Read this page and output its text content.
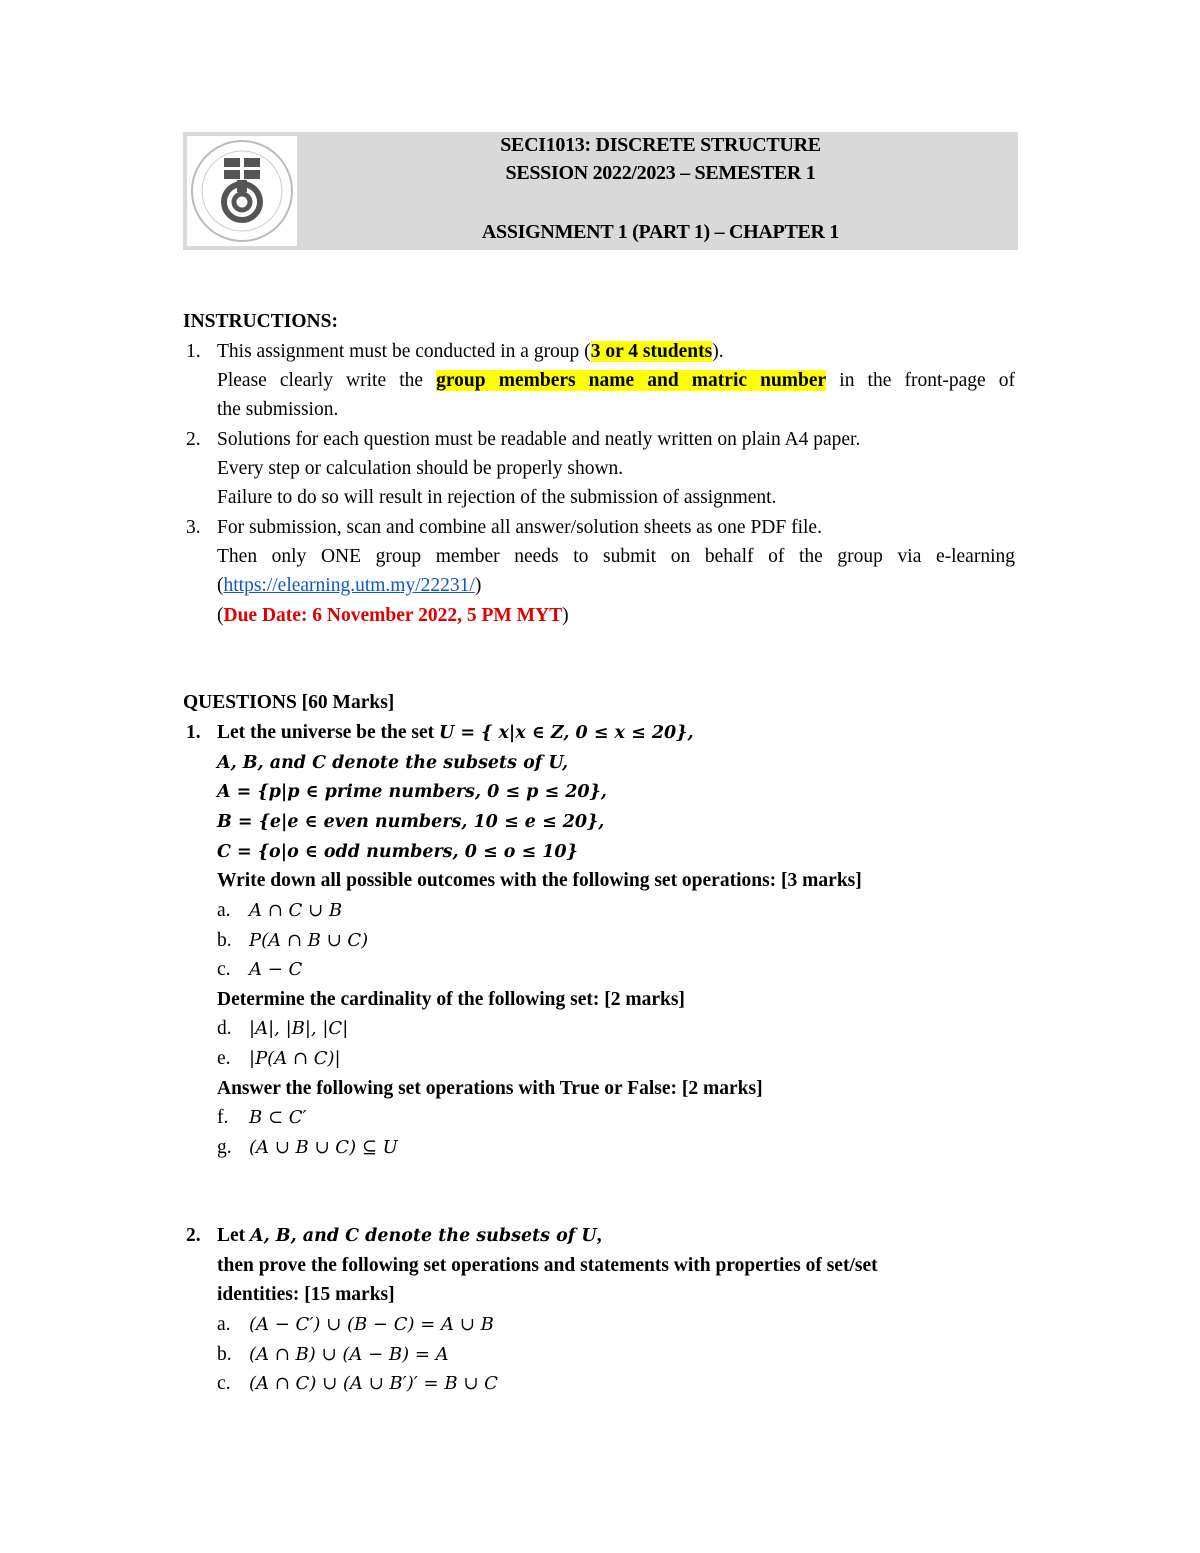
SECI1013: DISCRETE STRUCTURE
SESSION 2022/2023 – SEMESTER 1
ASSIGNMENT 1 (PART 1) – CHAPTER 1
INSTRUCTIONS:
1. This assignment must be conducted in a group (3 or 4 students).
Please clearly write the group members name and matric number in the front-page of
the submission.
2. Solutions for each question must be readable and neatly written on plain A4 paper.
Every step or calculation should be properly shown.
Failure to do so will result in rejection of the submission of assignment.
3. For submission, scan and combine all answer/solution sheets as one PDF file.
Then only ONE group member needs to submit on behalf of the group via e-learning
(https://elearning.utm.my/22231/)
(Due Date: 6 November 2022, 5 PM MYT)
QUESTIONS [60 Marks]
1. Let the universe be the set U = { x|x ∈ Z, 0 ≤ x ≤ 20},
A, B, and C denote the subsets of U,
A = {p|p ∈ prime numbers, 0 ≤ p ≤ 20},
B = {e|e ∈ even numbers, 10 ≤ e ≤ 20},
C = {o|o ∈ odd numbers, 0 ≤ o ≤ 10}
Write down all possible outcomes with the following set operations: [3 marks]
a. A ∩ C ∪ B
b. P(A ∩ B ∪ C)
c. A − C
Determine the cardinality of the following set: [2 marks]
d. |A|, |B|, |C|
e. |P(A ∩ C)|
Answer the following set operations with True or False: [2 marks]
f. B ⊂ C′
g. (A ∪ B ∪ C) ⊆ U
2. Let A, B, and C denote the subsets of U,
then prove the following set operations and statements with properties of set/set
identities: [15 marks]
a. (A − C′) ∪ (B − C) = A ∪ B
b. (A ∩ B) ∪ (A − B) = A
c. (A ∩ C) ∪ (A ∪ B′)′ = B ∪ C
